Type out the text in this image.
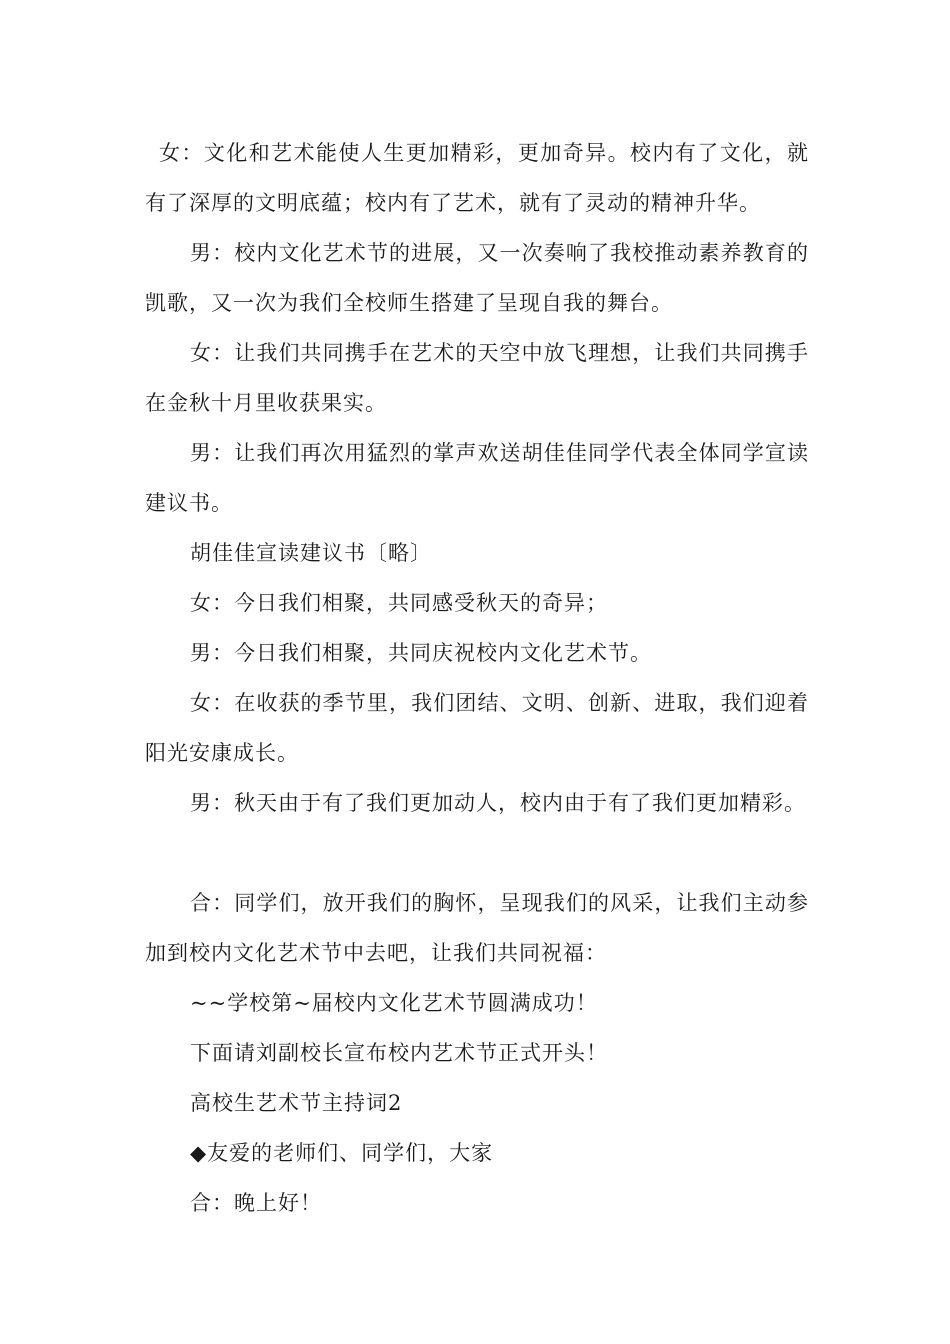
女：文化和艺术能使人生更加精彩，更加奇异。校内有了文化，就有了深厚的文明底蕴；校内有了艺术，就有了灵动的精神升华。

男：校内文化艺术节的进展，又一次奏响了我校推动素养教育的凯歌，又一次为我们全校师生搭建了呈现自我的舞台。

女：让我们共同携手在艺术的天空中放飞理想，让我们共同携手在金秋十月里收获果实。

男：让我们再次用猛烈的掌声欢送胡佳佳同学代表全体同学宣读建议书。

胡佳佳宣读建议书〔略〕

女：今日我们相聚，共同感受秋天的奇异；

男：今日我们相聚，共同庆祝校内文化艺术节。

女：在收获的季节里，我们团结、文明、创新、进取，我们迎着阳光安康成长。

男：秋天由于有了我们更加动人，校内由于有了我们更加精彩。

合：同学们，放开我们的胸怀，呈现我们的风采，让我们主动参加到校内文化艺术节中去吧，让我们共同祝福：

~~学校第~届校内文化艺术节圆满成功！

下面请刘副校长宣布校内艺术节正式开头！

高校生艺术节主持词2

◆友爱的老师们、同学们，大家

合：晚上好！
